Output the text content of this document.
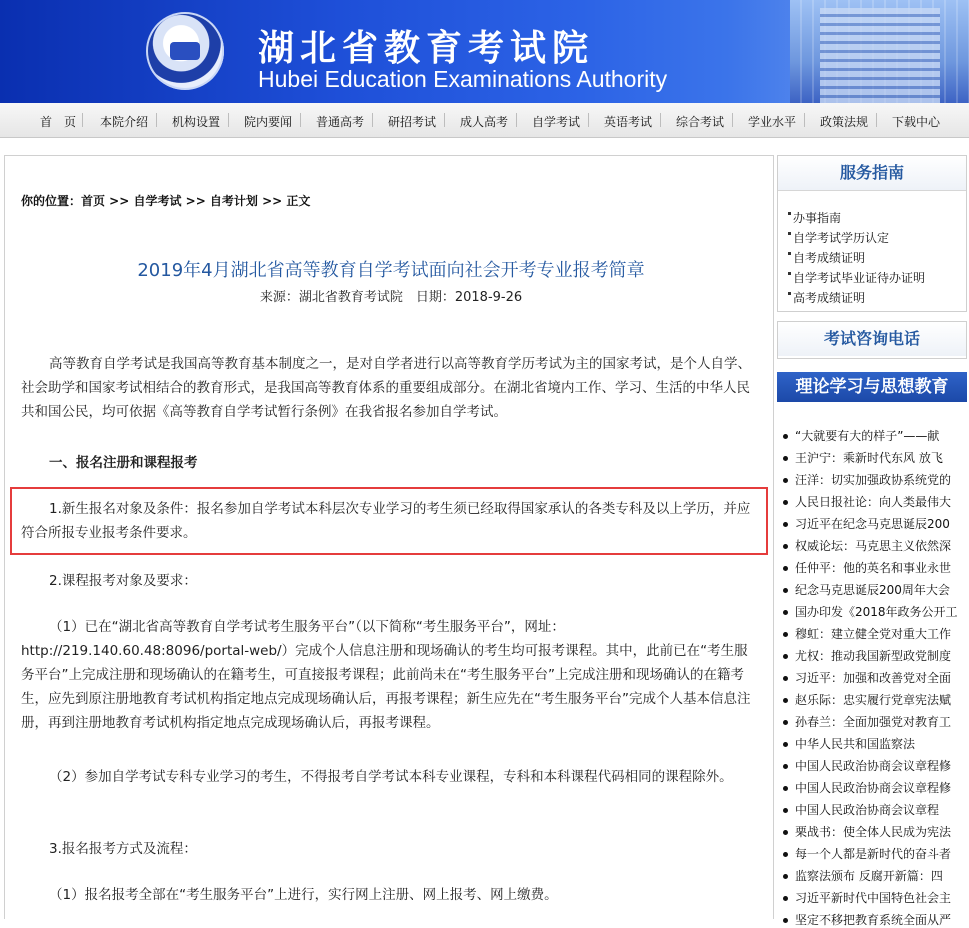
湖北省教育考试院
Hubei Education Examinations Authority
首　页 本院介绍 机构设置 院内要闻 普通高考 研招考试 成人高考 自学考试 英语考试 综合考试 学业水平 政策法规 下载中心
你的位置：首页 >> 自学考试 >> 自考计划 >> 正文
2019年4月湖北省高等教育自学考试面向社会开考专业报考简章
来源：湖北省教育考试院　日期：2018-9-26
高等教育自学考试是我国高等教育基本制度之一，是对自学者进行以高等教育学历考试为主的国家考试，是个人自学、社会助学和国家考试相结合的教育形式，是我国高等教育体系的重要组成部分。在湖北省境内工作、学习、生活的中华人民共和国公民，均可依据《高等教育自学考试暂行条例》在我省报名参加自学考试。
一、报名注册和课程报考
1.新生报名对象及条件：报名参加自学考试本科层次专业学习的考生须已经取得国家承认的各类专科及以上学历，并应符合所报专业报考条件要求。
2.课程报考对象及要求：
（1）已在“湖北省高等教育自学考试考生服务平台”（以下简称“考生服务平台”，网址：http://219.140.60.48:8096/portal-web/）完成个人信息注册和现场确认的考生均可报考课程。其中，此前已在“考生服务平台”上完成注册和现场确认的在籍考生，可直接报考课程；此前尚未在“考生服务平台”上完成注册和现场确认的在籍考生，应先到原注册地教育考试机构指定地点完成现场确认后，再报考课程；新生应先在“考生服务平台”完成个人基本信息注册，再到注册地教育考试机构指定地点完成现场确认后，再报考课程。
（2）参加自学考试专科专业学习的考生，不得报考自学考试本科专业课程，专科和本科课程代码相同的课程除外。
3.报名报考方式及流程：
（1）报名报考全部在“考生服务平台”上进行，实行网上注册、网上报考、网上缴费。
服务指南
办事指南
自学考试学历认定
自考成绩证明
自学考试毕业证待办证明
高考成绩证明
考试咨询电话
理论学习与思想教育
“大就要有大的样子”——献
王沪宁：乘新时代东风 放飞
汪洋：切实加强政协系统党的
人民日报社论：向人类最伟大
习近平在纪念马克思诞辰200
权威论坛：马克思主义依然深
任仲平：他的英名和事业永世
纪念马克思诞辰200周年大会
国办印发《2018年政务公开工
穆虹：建立健全党对重大工作
尤权：推动我国新型政党制度
习近平：加强和改善党对全面
赵乐际：忠实履行党章宪法赋
孙春兰：全面加强党对教育工
中华人民共和国监察法
中国人民政治协商会议章程修
中国人民政治协商会议章程修
中国人民政治协商会议章程
栗战书：使全体人民成为宪法
每一个人都是新时代的奋斗者
监察法颁布 反腐开新篇：四
习近平新时代中国特色社会主
坚定不移把教育系统全面从严
